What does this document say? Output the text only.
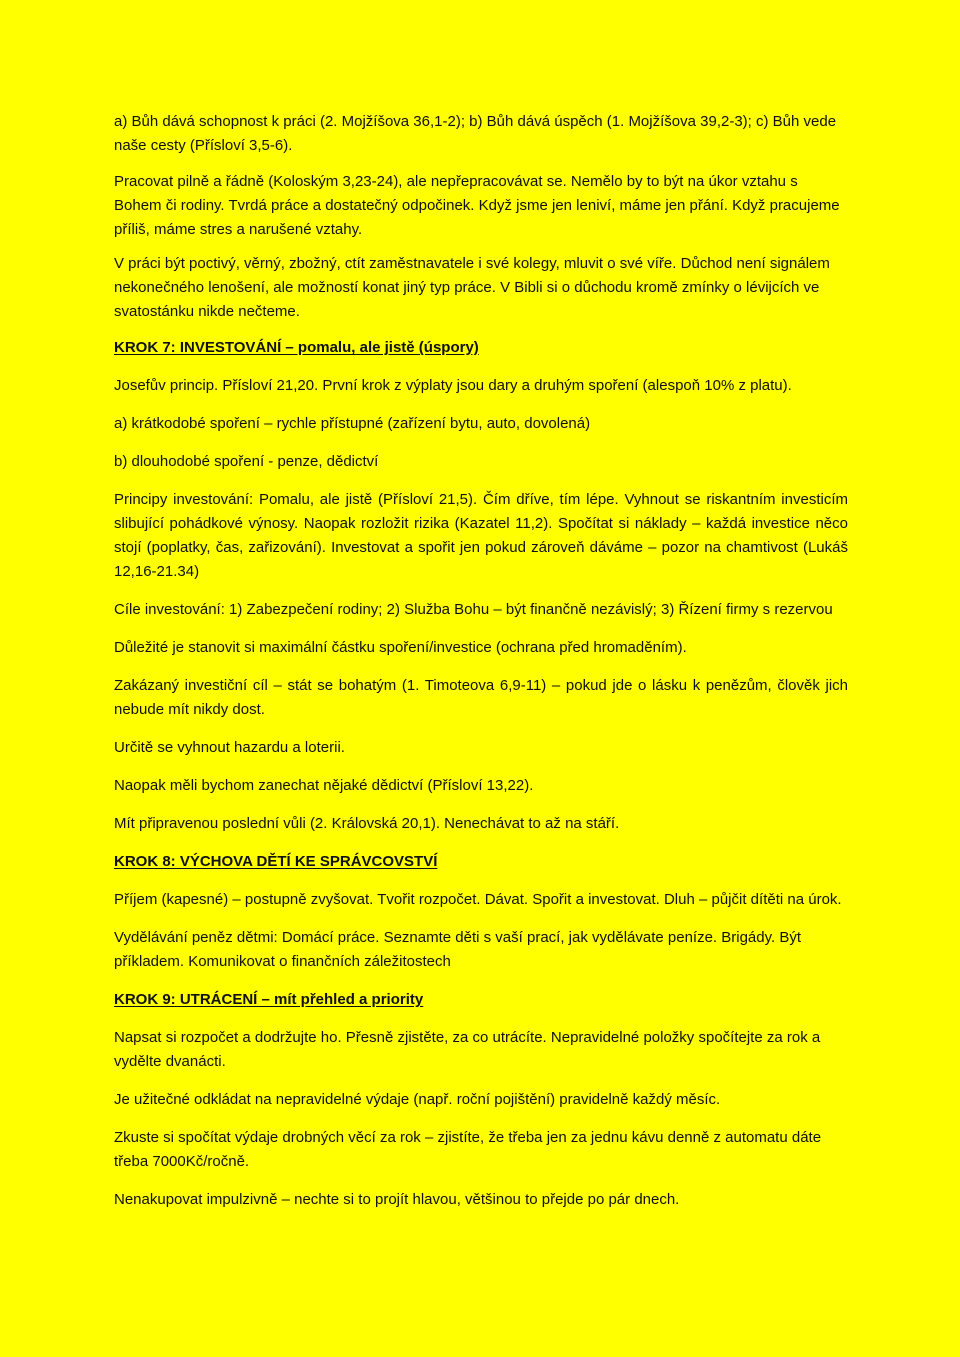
a) Bůh dává schopnost k práci (2. Mojžíšova 36,1-2); b) Bůh dává úspěch (1. Mojžíšova 39,2-3); c) Bůh vede naše cesty (Přísloví 3,5-6).

Pracovat pilně a řádně (Koloským 3,23-24), ale nepřepracovávat se. Nemělo by to být na úkor vztahu s Bohem či rodiny. Tvrdá práce a dostatečný odpočinek. Když jsme jen leniví, máme jen přání. Když pracujeme příliš, máme stres a narušené vztahy.

V práci být poctivý, věrný, zbožný, ctít zaměstnavatele i své kolegy, mluvit o své víře. Důchod není signálem nekonečného lenošení, ale možností konat jiný typ práce. V Bibli si o důchodu kromě zmínky o lévijcích ve svatostánku nikde nečteme.

KROK 7: INVESTOVÁNÍ – pomalu, ale jistě (úspory)

Josefův princip. Přísloví 21,20. První krok z výplaty jsou dary a druhým spoření (alespoň 10% z platu).

a) krátkodobé spoření – rychle přístupné (zařízení bytu, auto, dovolená)

b) dlouhodobé spoření - penze, dědictví

Principy investování: Pomalu, ale jistě (Přísloví 21,5). Čím dříve, tím lépe. Vyhnout se riskantním investicím slibující pohádkové výnosy. Naopak rozložit rizika (Kazatel 11,2). Spočítat si náklady – každá investice něco stojí (poplatky, čas, zařizování). Investovat a spořit jen pokud zároveň dáváme – pozor na chamtivost (Lukáš 12,16-21.34)

Cíle investování: 1) Zabezpečení rodiny; 2) Služba Bohu – být finančně nezávislý; 3) Řízení firmy s rezervou

Důležité je stanovit si maximální částku spoření/investice (ochrana před hromaděním).

Zakázaný investiční cíl – stát se bohatým (1. Timoteova 6,9-11) – pokud jde o lásku k penězům, člověk jich nebude mít nikdy dost.

Určitě se vyhnout hazardu a loterii.

Naopak měli bychom zanechat nějaké dědictví (Přísloví 13,22).

Mít připravenou poslední vůli (2. Královská 20,1). Nenechávat to až na stáří.

KROK 8: VÝCHOVA DĚTÍ KE SPRÁVCOVSTVÍ

Příjem (kapesné) – postupně zvyšovat. Tvořit rozpočet. Dávat. Spořit a investovat. Dluh – půjčit dítěti na úrok.

Vydělávání peněz dětmi: Domácí práce. Seznamte děti s vaší prací, jak vydělávate peníze. Brigády. Být příkladem. Komunikovat o finančních záležitostech

KROK 9: UTRÁCENÍ – mít přehled a priority

Napsat si rozpočet a dodržujte ho. Přesně zjistěte, za co utrácíte. Nepravidelné položky spočítejte za rok a vydělte dvanácti.

Je užitečné odkládat na nepravidelné výdaje (např. roční pojištění) pravidelně každý měsíc.

Zkuste si spočítat výdaje drobných věcí za rok – zjistíte, že třeba jen za jednu kávu denně z automatu dáte třeba 7000Kč/ročně.

Nenakupovat impulzivně – nechte si to projít hlavou, většinou to přejde po pár dnech.
